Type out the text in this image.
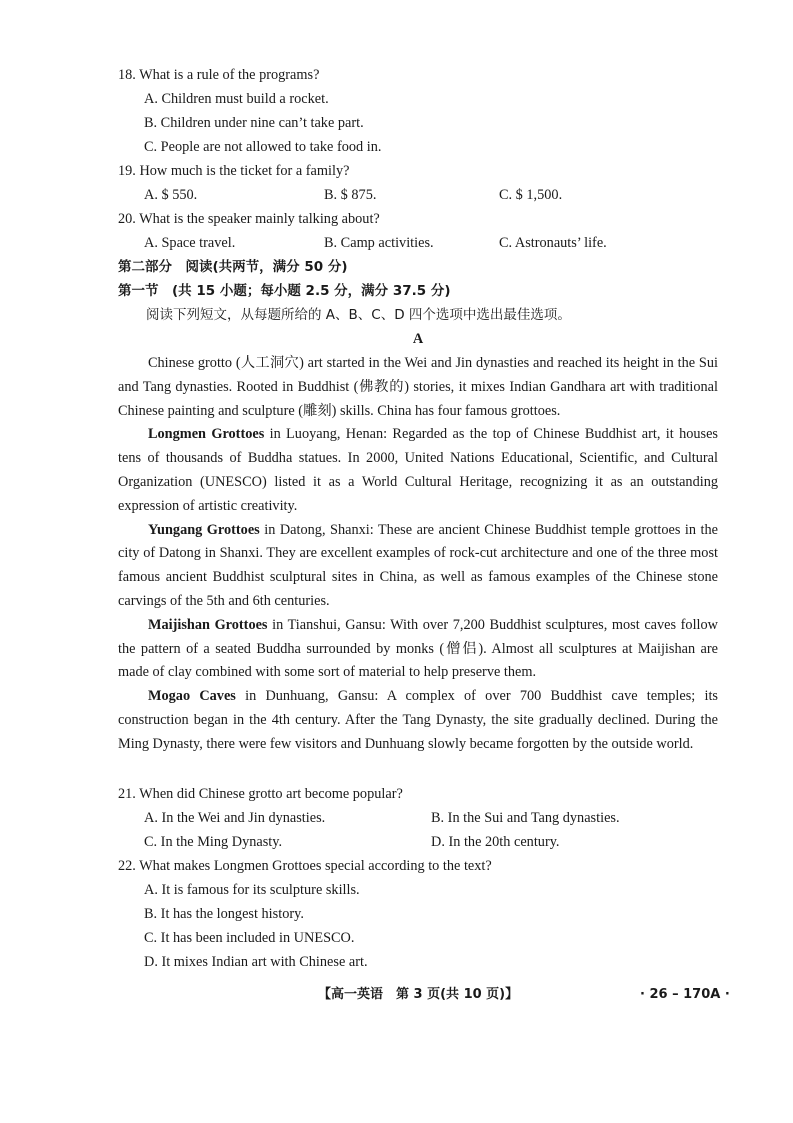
18. What is a rule of the programs?
A. Children must build a rocket.
B. Children under nine can’t take part.
C. People are not allowed to take food in.
19. How much is the ticket for a family?
A. $ 550.	B. $ 875.	C. $ 1,500.
20. What is the speaker mainly talking about?
A. Space travel.	B. Camp activities.	C. Astronauts’ life.
第二部分　阅读(共两节，满分 50 分)
第一节　(共 15 小题；每小题 2.5 分，满分 37.5 分)
阅读下列短文，从每题所给的 A、B、C、D 四个选项中选出最佳选项。
A
Chinese grotto (人工洞穴) art started in the Wei and Jin dynasties and reached its height in the Sui and Tang dynasties. Rooted in Buddhist (佛教的) stories, it mixes Indian Gandhara art with traditional Chinese painting and sculpture (雕刻) skills. China has four famous grottoes.
Longmen Grottoes in Luoyang, Henan: Regarded as the top of Chinese Buddhist art, it houses tens of thousands of Buddha statues. In 2000, United Nations Educational, Scientific, and Cultural Organization (UNESCO) listed it as a World Cultural Heritage, recognizing it as an outstanding expression of artistic creativity.
Yungang Grottoes in Datong, Shanxi: These are ancient Chinese Buddhist temple grottoes in the city of Datong in Shanxi. They are excellent examples of rock-cut architecture and one of the three most famous ancient Buddhist sculptural sites in China, as well as famous examples of the Chinese stone carvings of the 5th and 6th centuries.
Maijishan Grottoes in Tianshui, Gansu: With over 7,200 Buddhist sculptures, most caves follow the pattern of a seated Buddha surrounded by monks (僧侣). Almost all sculptures at Maijishan are made of clay combined with some sort of material to help preserve them.
Mogao Caves in Dunhuang, Gansu: A complex of over 700 Buddhist cave temples; its construction began in the 4th century. After the Tang Dynasty, the site gradually declined. During the Ming Dynasty, there were few visitors and Dunhuang slowly became forgotten by the outside world.
21. When did Chinese grotto art become popular?
A. In the Wei and Jin dynasties.	B. In the Sui and Tang dynasties.
C. In the Ming Dynasty.	D. In the 20th century.
22. What makes Longmen Grottoes special according to the text?
A. It is famous for its sculpture skills.
B. It has the longest history.
C. It has been included in UNESCO.
D. It mixes Indian art with Chinese art.
【高一英语　第 3 页(共 10 页)】	· 26 – 170A ·
